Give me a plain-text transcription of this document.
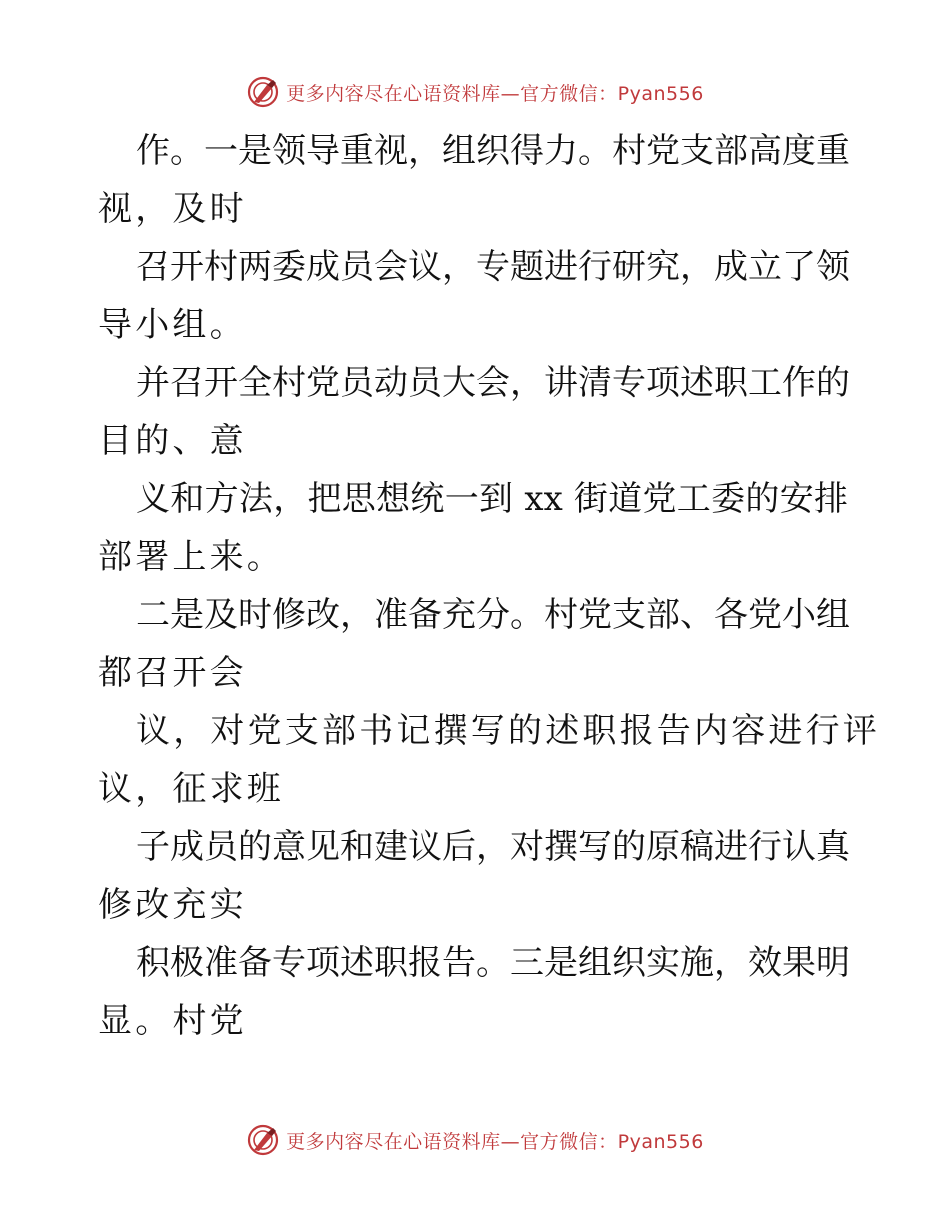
更多内容尽在心语资料库—官方微信：Pyan556
作。一是领导重视，组织得力。村党支部高度重
视，及时
召开村两委成员会议，专题进行研究，成立了领
导小组。
并召开全村党员动员大会，讲清专项述职工作的
目的、意
义和方法，把思想统一到 xx 街道党工委的安排
部署上来。
二是及时修改，准备充分。村党支部、各党小组
都召开会
议，对党支部书记撰写的述职报告内容进行评
议，征求班
子成员的意见和建议后，对撰写的原稿进行认真
修改充实
积极准备专项述职报告。三是组织实施，效果明
显。村党
更多内容尽在心语资料库—官方微信：Pyan556
